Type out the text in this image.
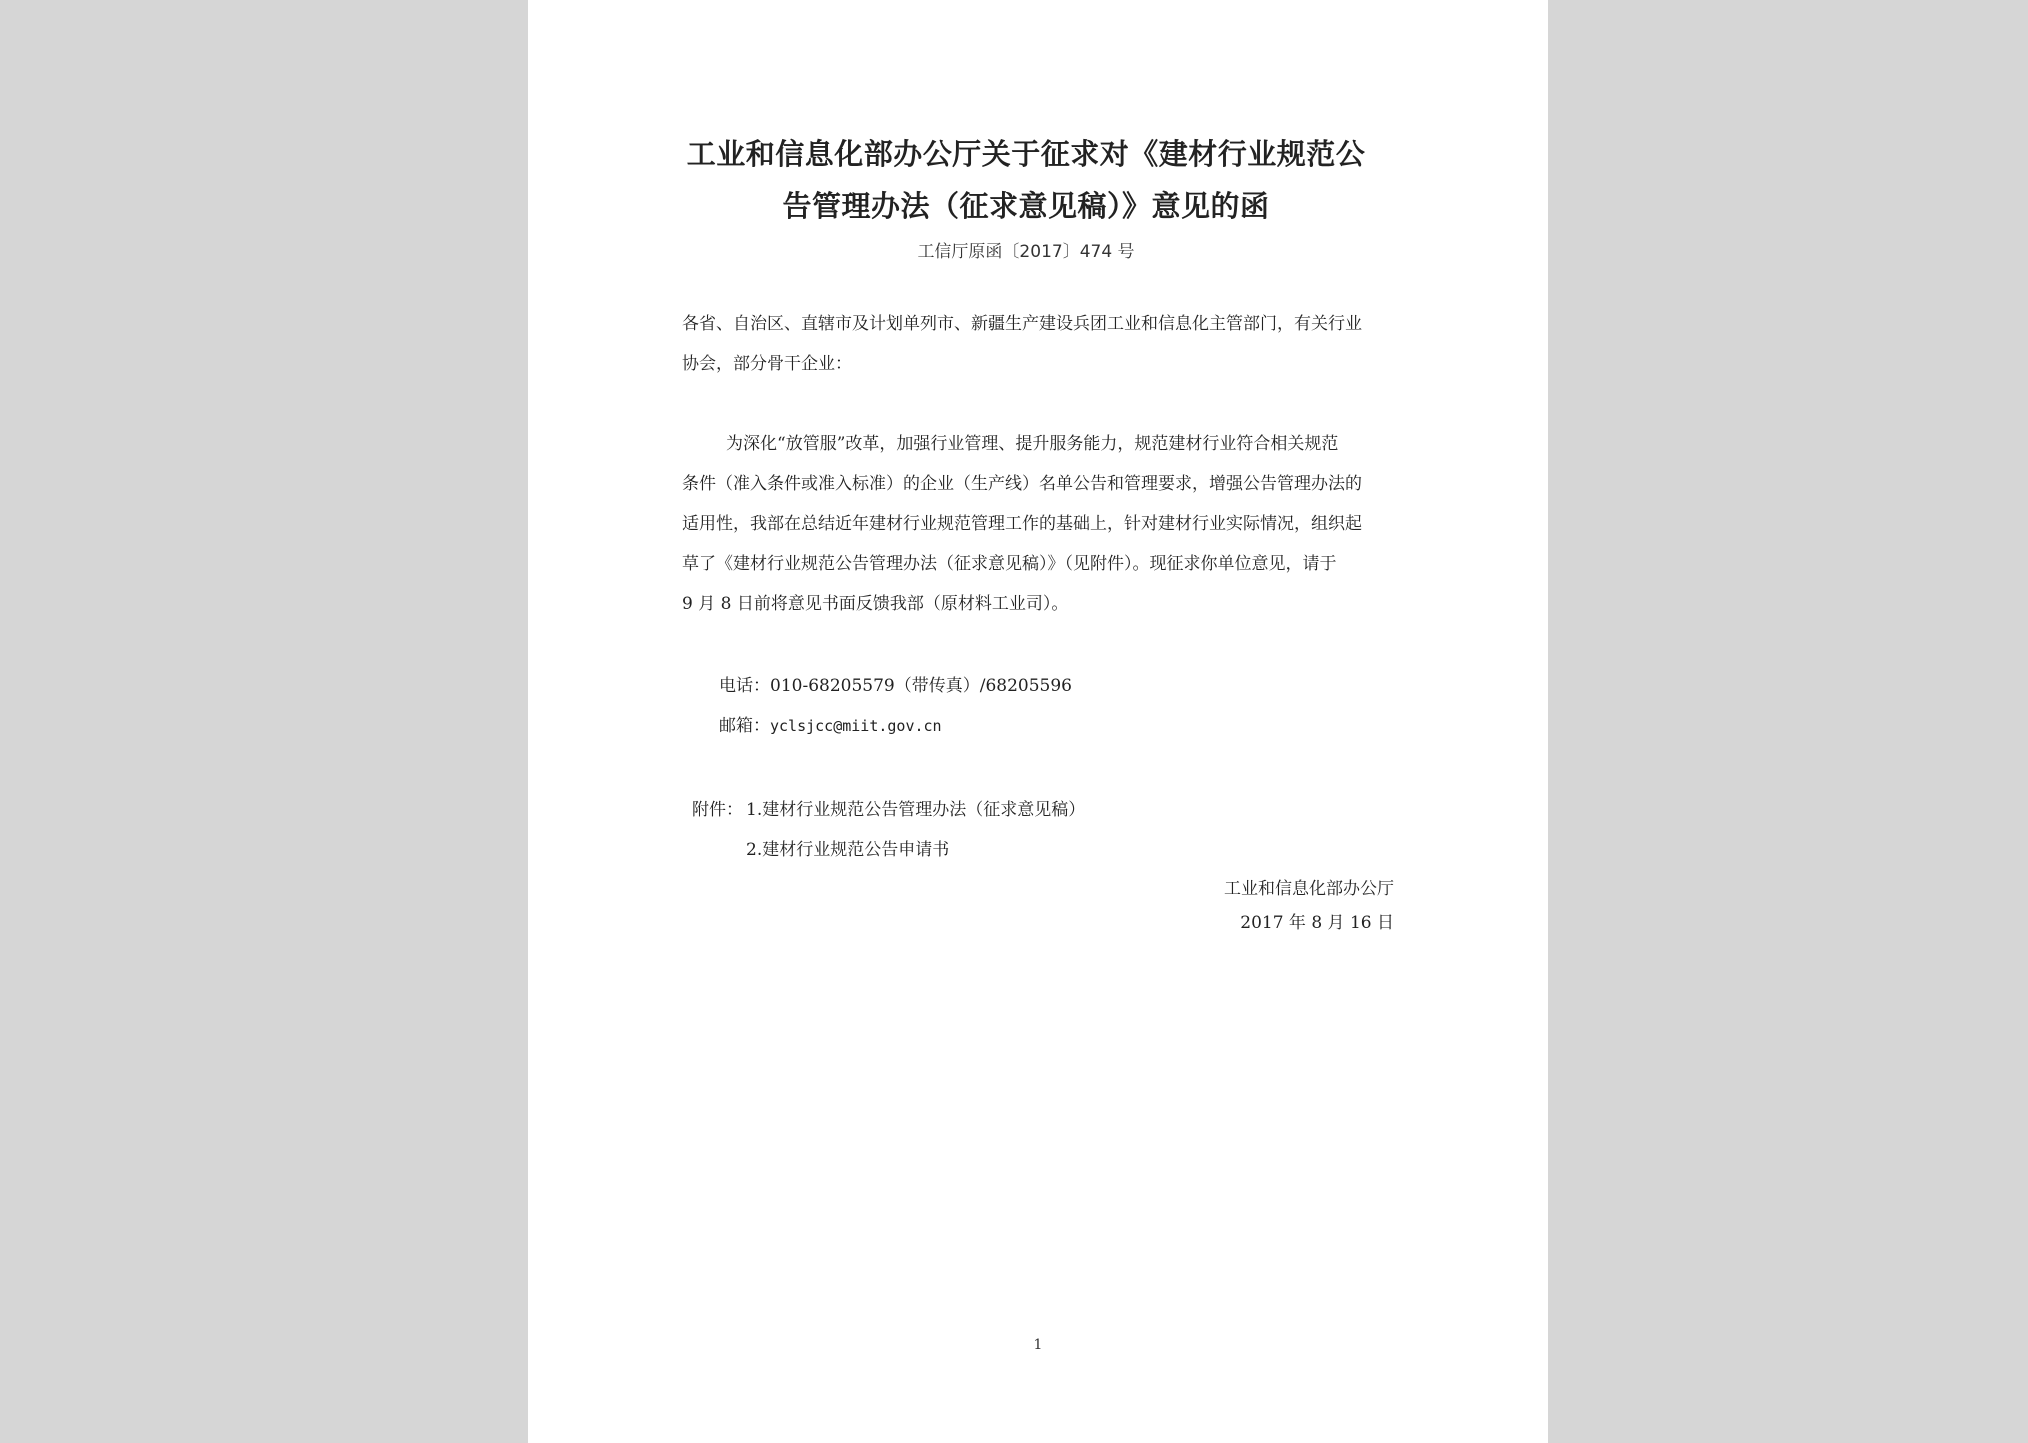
工业和信息化部办公厅关于征求对《建材行业规范公
告管理办法（征求意见稿）》意见的函
工信厅原函〔2017〕474 号
各省、自治区、直辖市及计划单列市、新疆生产建设兵团工业和信息化主管部门，有关行业
协会，部分骨干企业：
为深化“放管服”改革，加强行业管理、提升服务能力，规范建材行业符合相关规范
条件（准入条件或准入标准）的企业（生产线）名单公告和管理要求，增强公告管理办法的
适用性，我部在总结近年建材行业规范管理工作的基础上，针对建材行业实际情况，组织起
草了《建材行业规范公告管理办法（征求意见稿）》（见附件）。现征求你单位意见，请于
9 月 8 日前将意见书面反馈我部（原材料工业司）。
电话：010-68205579（带传真）/68205596
邮箱：yclsjcc@miit.gov.cn
附件： 1.建材行业规范公告管理办法（征求意见稿）
2.建材行业规范公告申请书
工业和信息化部办公厅
2017 年 8 月 16 日
1
